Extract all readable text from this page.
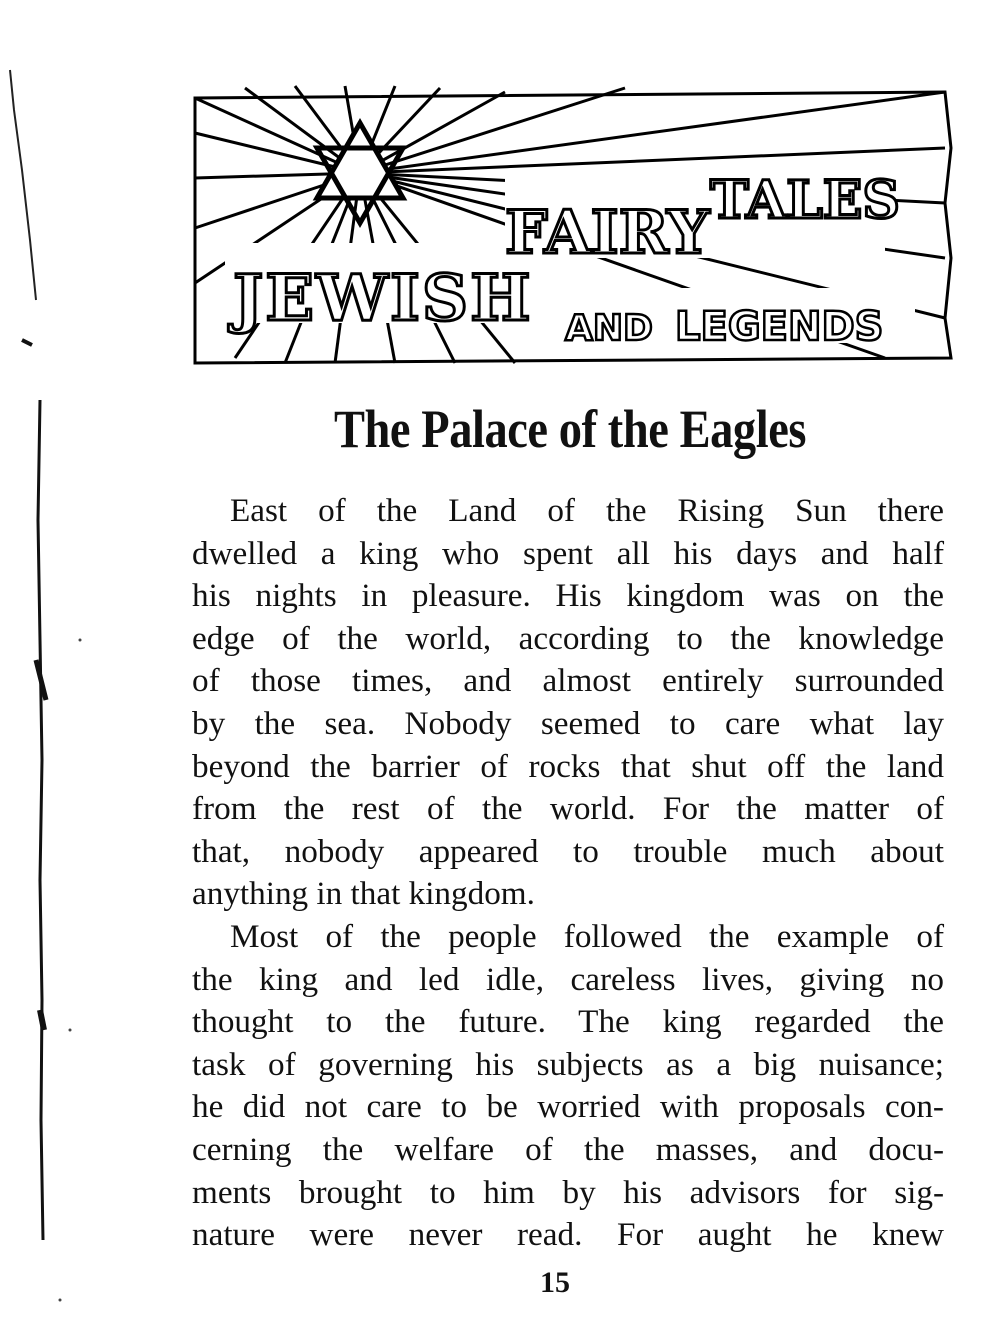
JEWISH
FAIRY TALES
AND LEGENDS
The Palace of the Eagles
East of the Land of the Rising Sun there
dwelled a king who spent all his days and half
his nights in pleasure. His kingdom was on the
edge of the world, according to the knowledge
of those times, and almost entirely surrounded
by the sea. Nobody seemed to care what lay
beyond the barrier of rocks that shut off the land
from the rest of the world. For the matter of
that, nobody appeared to trouble much about
anything in that kingdom.
Most of the people followed the example of
the king and led idle, careless lives, giving no
thought to the future. The king regarded the
task of governing his subjects as a big nuisance;
he did not care to be worried with proposals con-
cerning the welfare of the masses, and docu-
ments brought to him by his advisors for sig-
nature were never read. For aught he knew
15
